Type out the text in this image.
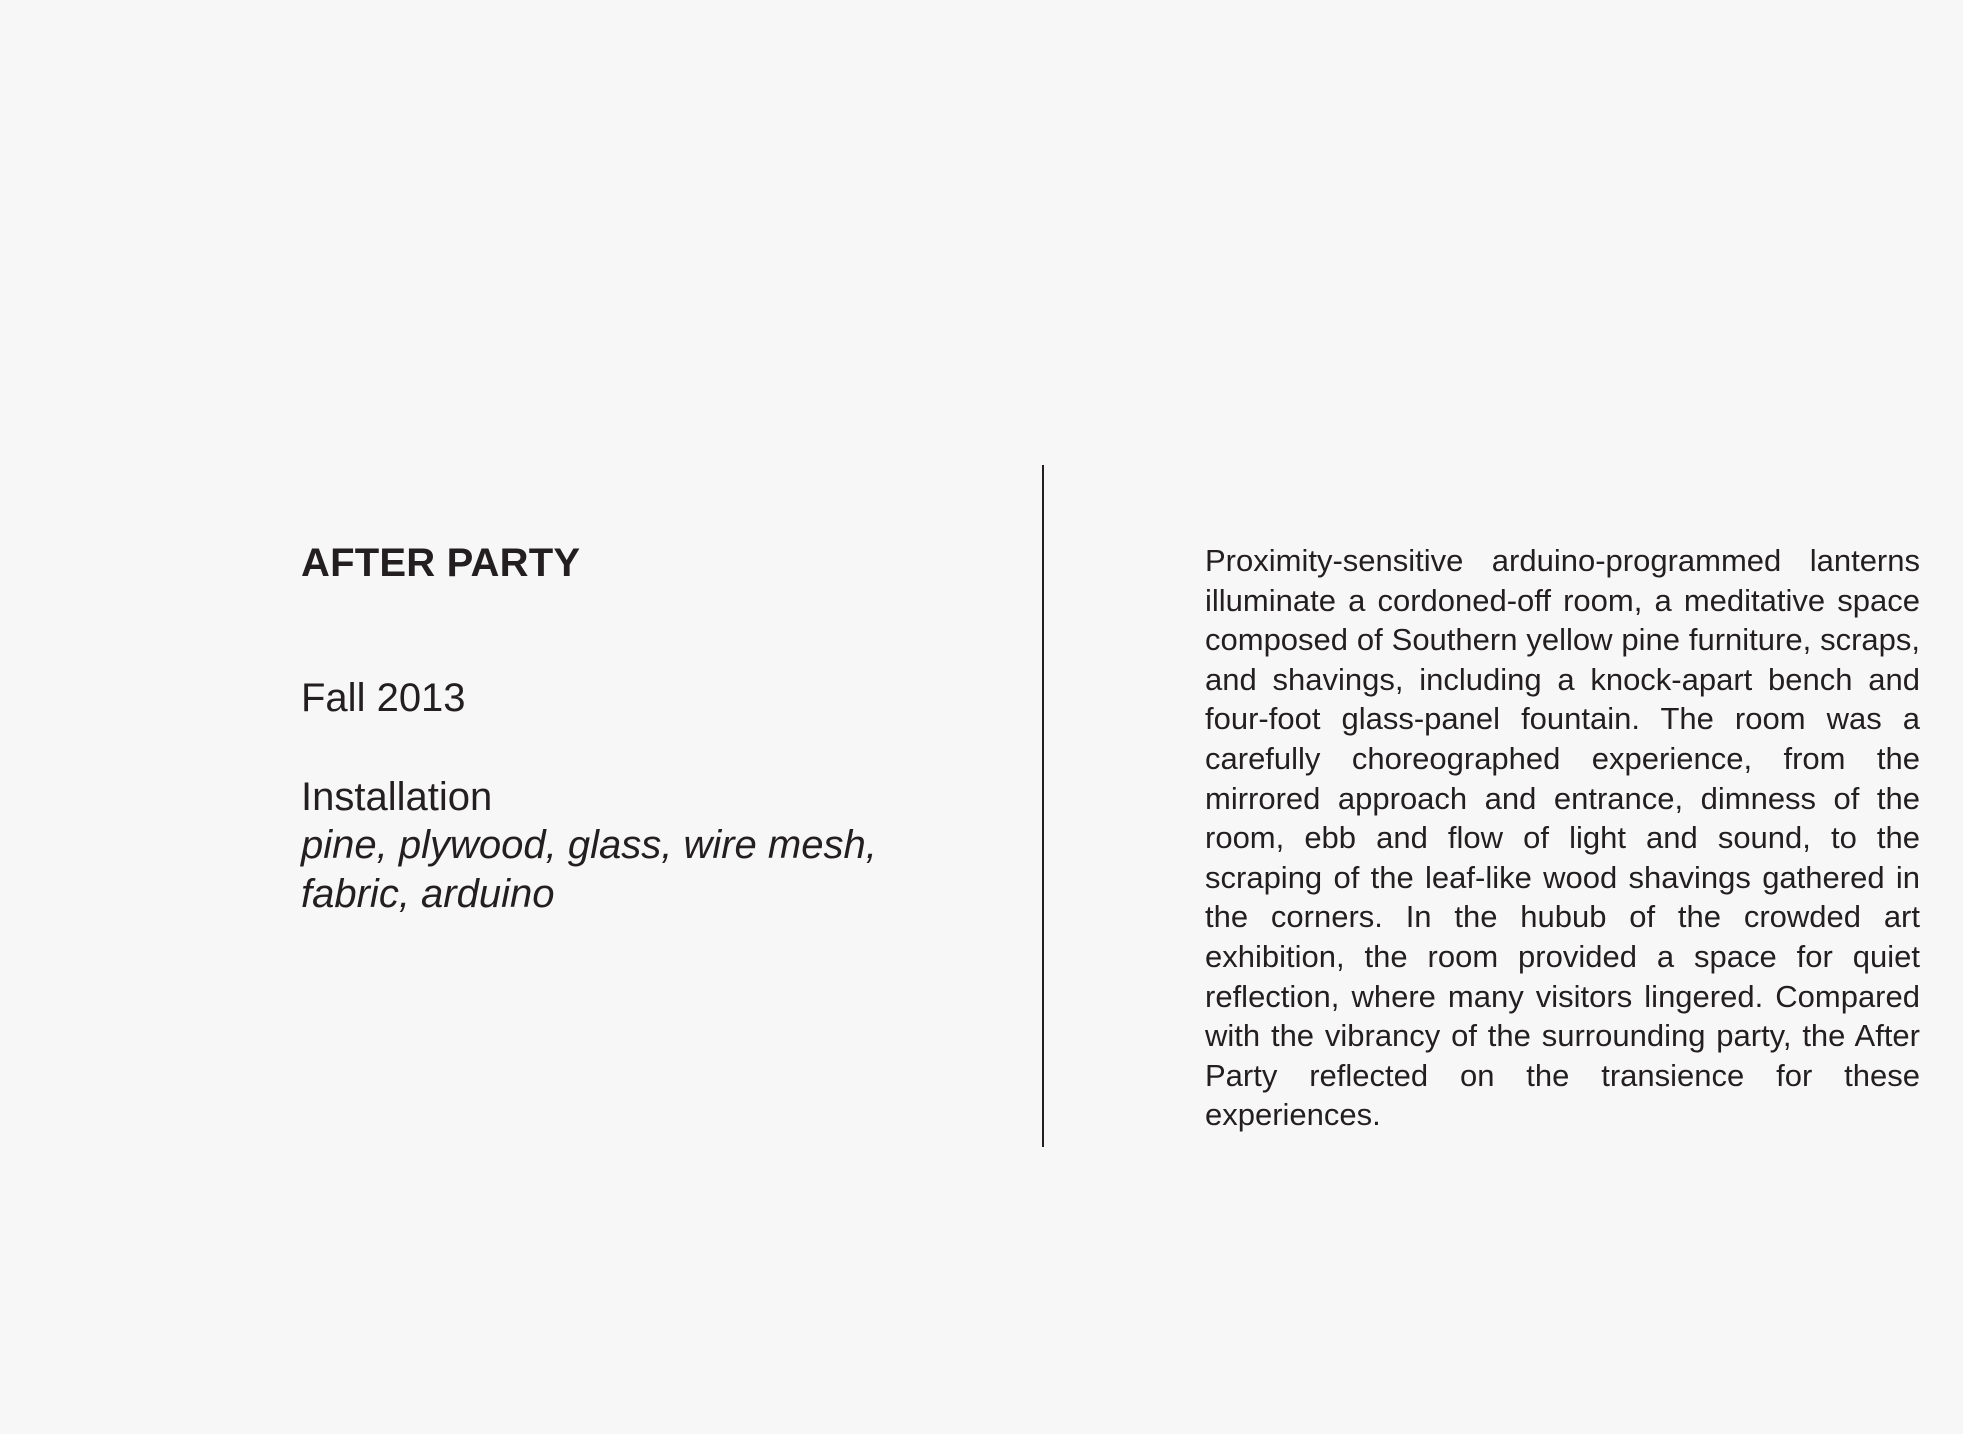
AFTER PARTY

Fall 2013

Installation

pine, plywood, glass, wire mesh, fabric, arduino

Proximity-sensitive arduino-programmed lanterns illuminate a cordoned-off room, a meditative space composed of Southern yellow pine furniture, scraps, and shavings, including a knock-apart bench and four-foot glass-panel fountain. The room was a carefully choreographed experience, from the mirrored approach and entrance, dimness of the room, ebb and flow of light and sound, to the scraping of the leaf-like wood shavings gathered in the corners. In the hubub of the crowded art exhibition, the room provided a space for quiet reflection, where many visitors lingered. Compared with the vibrancy of the surrounding party, the After Party reflected on the transience for these experiences.
